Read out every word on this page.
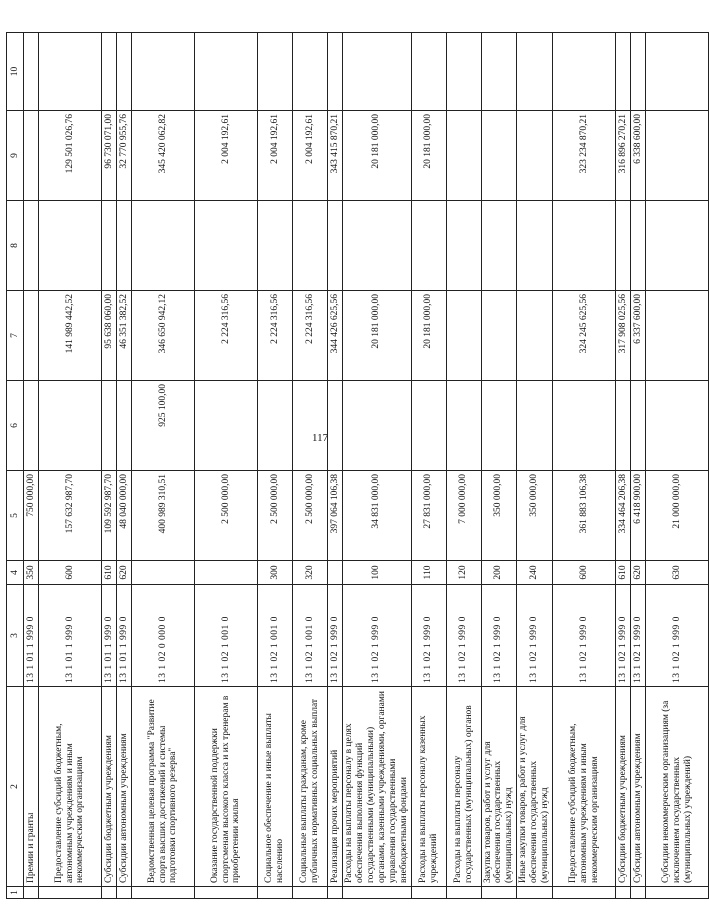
117
1	2	3	4	5	6	7	8	9	10
	Премии и гранты	13 1 01 1 999 0	350	750 000,00					
	Предоставление субсидий бюджетным, автономным учреждениям и иным некоммерческим организациям	13 1 01 1 999 0	600	157 632 987,70		141 989 442,52		129 501 026,76	
	Субсидии бюджетным учреждениям	13 1 01 1 999 0	610	109 592 987,70		95 638 060,00		96 730 071,00	
	Субсидии автономным учреждениям	13 1 01 1 999 0	620	48 040 000,00		46 351 382,52		32 770 955,76	
	Ведомственная целевая программа "Развитие спорта высших достижений и системы подготовки спортивного резерва"	13 1 02 0 000 0		400 989 310,51	925 100,00	346 650 942,12		345 420 062,82	
	Оказание государственной поддержки спортсменам высокого класса и их тренерам в приобретении жилья	13 1 02 1 001 0		2 500 000,00		2 224 316,56		2 004 192,61	
	Социальное обеспечение и иные выплаты населению	13 1 02 1 001 0	300	2 500 000,00		2 224 316,56		2 004 192,61	
	Социальные выплаты гражданам, кроме публичных нормативных социальных выплат	13 1 02 1 001 0	320	2 500 000,00		2 224 316,56		2 004 192,61	
	Реализация прочих мероприятий	13 1 02 1 999 0		397 064 106,38		344 426 625,56		343 415 870,21	
	Расходы на выплаты персоналу в целях обеспечения выполнения функций государственными (муниципальными) органами, казенными учреждениями, органами управления государственными внебюджетными фондами	13 1 02 1 999 0	100	34 831 000,00		20 181 000,00		20 181 000,00	
	Расходы на выплаты персоналу казенных учреждений	13 1 02 1 999 0	110	27 831 000,00		20 181 000,00		20 181 000,00	
	Расходы на выплаты персоналу государственных (муниципальных) органов	13 1 02 1 999 0	120	7 000 000,00					
	Закупка товаров, работ и услуг для обеспечения государственных (муниципальных) нужд	13 1 02 1 999 0	200	350 000,00					
	Иные закупки товаров, работ и услуг для обеспечения государственных (муниципальных) нужд	13 1 02 1 999 0	240	350 000,00					
	Предоставление субсидий бюджетным, автономным учреждениям и иным некоммерческим организациям	13 1 02 1 999 0	600	361 883 106,38		324 245 625,56		323 234 870,21	
	Субсидии бюджетным учреждениям	13 1 02 1 999 0	610	334 464 206,38		317 908 025,56		316 896 270,21	
	Субсидии автономным учреждениям	13 1 02 1 999 0	620	6 418 900,00		6 337 600,00		6 338 600,00	
	Субсидии некоммерческим организациям (за исключением государственных (муниципальных) учреждений)	13 1 02 1 999 0	630	21 000 000,00					
